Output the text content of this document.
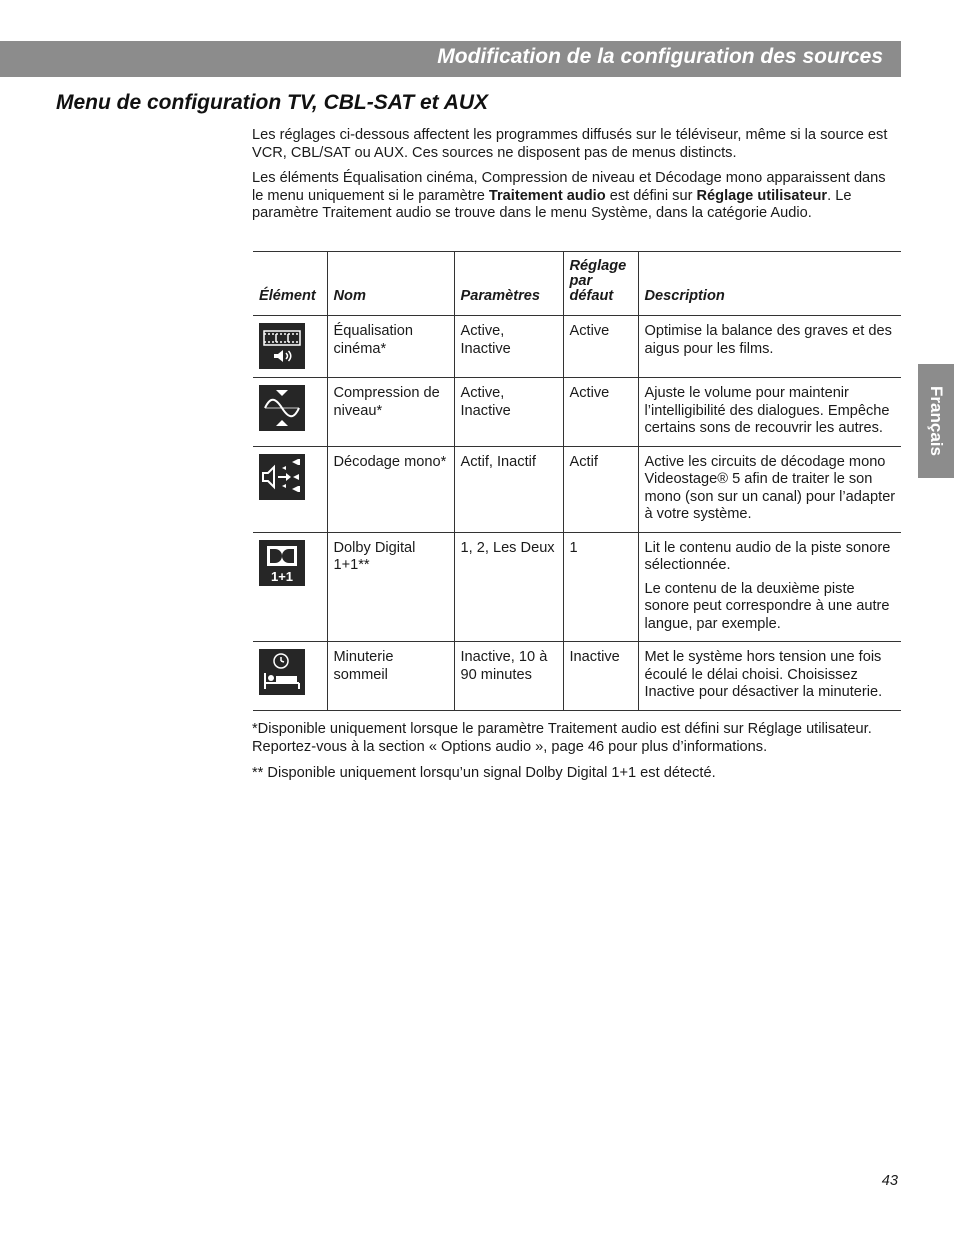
Modification de la configuration des sources
Menu de configuration TV, CBL-SAT et AUX

Les réglages ci-dessous affectent les programmes diffusés sur le téléviseur, même si la source est VCR, CBL/SAT ou AUX. Ces sources ne disposent pas de menus distincts.

Les éléments Équalisation cinéma, Compression de niveau et Décodage mono apparaissent dans le menu uniquement si le paramètre Traitement audio est défini sur Réglage utilisateur. Le paramètre Traitement audio se trouve dans le menu Système, dans la catégorie Audio.

Élément	Nom	Paramètres	Réglage par défaut	Description

	Équalisation cinéma*	Active, Inactive	Active	Optimise la balance des graves et des aigus pour les films.

	Compression de niveau*	Active, Inactive	Active	Ajuste le volume pour maintenir l’intelligibilité des dialogues. Empêche certains sons de recouvrir les autres.

	Décodage mono*	Actif, Inactif	Actif	Active les circuits de décodage mono Videostage® 5 afin de traiter le son mono (son sur un canal) pour l’adapter à votre système.

1+1	Dolby Digital 1+1**	1, 2, Les Deux	1	Lit le contenu audio de la piste sonore sélectionnée.

Le contenu de la deuxième piste sonore peut correspondre à une autre langue, par exemple.

	Minuterie sommeil	Inactive, 10 à 90 minutes	Inactive	Met le système hors tension une fois écoulé le délai choisi. Choisissez Inactive pour désactiver la minuterie.

*Disponible uniquement lorsque le paramètre Traitement audio est défini sur Réglage utilisateur. Reportez-vous à la section « Options audio », page 46 pour plus d’informations.

** Disponible uniquement lorsqu’un signal Dolby Digital 1+1 est détecté.

Français
43
